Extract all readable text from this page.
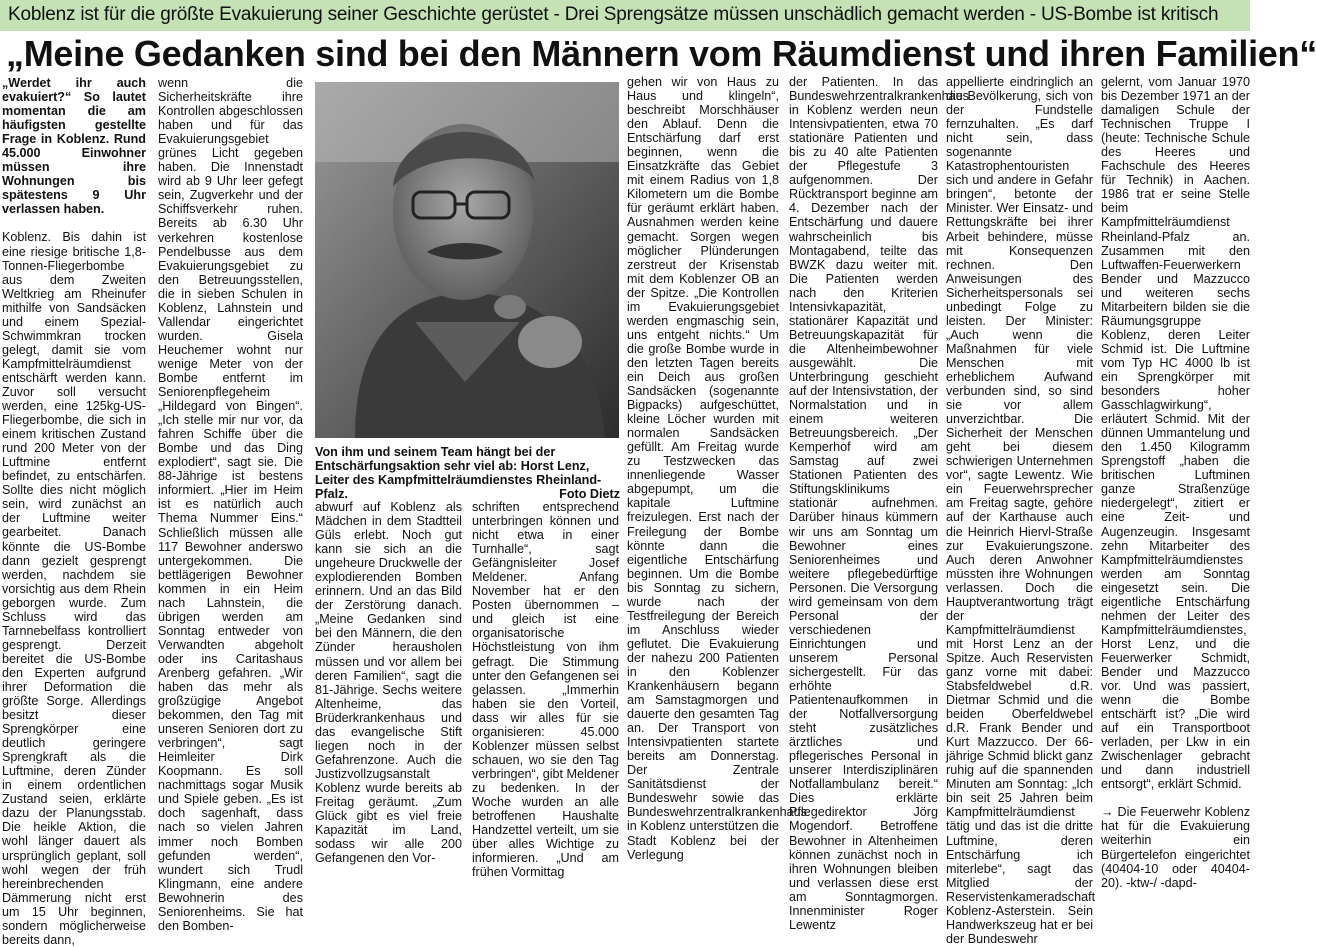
Koblenz ist für die größte Evakuierung seiner Geschichte gerüstet - Drei Sprengsätze müssen unschädlich gemacht werden - US-Bombe ist kritisch
„Meine Gedanken sind bei den Männern vom Räumdienst und ihren Familien“

„Werdet ihr auch evakuiert?“ So lautet momentan die am häufigsten gestellte Frage in Koblenz. Rund 45.000 Einwohner müssen ihre Wohnungen bis spätestens 9 Uhr verlassen haben.

Koblenz. Bis dahin ist eine riesige britische 1,8-Tonnen-Fliegerbombe aus dem Zweiten Weltkrieg am Rheinufer mithilfe von Sandsäcken und einem Spezial-Schwimmkran trocken gelegt, damit sie vom Kampfmittelräumdienst entschärft werden kann. Zuvor soll versucht werden, eine 125kg-US-Fliegerbombe, die sich in einem kritischen Zustand rund 200 Meter von der Luftmine entfernt befindet, zu entschärfen. Sollte dies nicht möglich sein, wird zunächst an der Luftmine weiter gearbeitet. Danach könnte die US-Bombe dann gezielt gesprengt werden, nachdem sie vorsichtig aus dem Rhein geborgen wurde. Zum Schluss wird das Tarnnebelfass kontrolliert gesprengt. Derzeit bereitet die US-Bombe den Experten aufgrund ihrer Deformation die größte Sorge. Allerdings besitzt dieser Sprengkörper eine deutlich geringere Sprengkraft als die Luftmine, deren Zünder in einem ordentlichen Zustand seien, erklärte dazu der Planungsstab. Die heikle Aktion, die wohl länger dauert als ursprünglich geplant, soll wohl wegen der früh hereinbrechenden Dämmerung nicht erst um 15 Uhr beginnen, sondern möglicherweise bereits dann,

wenn die Sicherheitskräfte ihre Kontrollen abgeschlossen haben und für das Evakuierungsgebiet grünes Licht gegeben haben. Die Innenstadt wird ab 9 Uhr leer gefegt sein, Zugverkehr und der Schiffsverkehr ruhen. Bereits ab 6.30 Uhr verkehren kostenlose Pendelbusse aus dem Evakuierungsgebiet zu den Betreuungsstellen, die in sieben Schulen in Koblenz, Lahnstein und Vallendar eingerichtet wurden. Gisela Heuchemer wohnt nur wenige Meter von der Bombe entfernt im Seniorenpflegeheim „Hildegard von Bingen“. „Ich stelle mir nur vor, da fahren Schiffe über die Bombe und das Ding explodiert“, sagt sie. Die 88-Jährige ist bestens informiert. „Hier im Heim ist es natürlich auch Thema Nummer Eins.“ Schließlich müssen alle 117 Bewohner anderswo untergekommen. Die bettlägerigen Bewohner kommen in ein Heim nach Lahnstein, die übrigen werden am Sonntag entweder von Verwandten abgeholt oder ins Caritashaus Arenberg gefahren. „Wir haben das mehr als großzügige Angebot bekommen, den Tag mit unseren Senioren dort zu verbringen“, sagt Heimleiter Dirk Koopmann. Es soll nachmittags sogar Musik und Spiele geben. „Es ist doch sagenhaft, dass nach so vielen Jahren immer noch Bomben gefunden werden“, wundert sich Trudl Klingmann, eine andere Bewohnerin des Seniorenheims. Sie hat den Bomben-

Von ihm und seinem Team hängt bei der Entschärfungsaktion sehr viel ab: Horst Lenz, Leiter des Kampfmittelräumdienstes Rheinland-Pfalz.	Foto Dietz

abwurf auf Koblenz als Mädchen in dem Stadtteil Güls erlebt. Noch gut kann sie sich an die ungeheure Druckwelle der explodierenden Bomben erinnern. Und an das Bild der Zerstörung danach. „Meine Gedanken sind bei den Männern, die den Zünder herausholen müssen und vor allem bei deren Familien“, sagt die 81-Jährige. Sechs weitere Altenheime, das Brüderkrankenhaus und das evangelische Stift liegen noch in der Gefahrenzone. Auch die Justizvollzugsanstalt Koblenz wurde bereits ab Freitag geräumt. „Zum Glück gibt es viel freie Kapazität im Land, sodass wir alle 200 Gefangenen den Vor-

schriften entsprechend unterbringen können und nicht etwa in einer Turnhalle“, sagt Gefängnisleiter Josef Meldener. Anfang November hat er den Posten übernommen – und gleich ist eine organisatorische Höchstleistung von ihm gefragt. Die Stimmung unter den Gefangenen sei gelassen. „Immerhin haben sie den Vorteil, dass wir alles für sie organisieren: 45.000 Koblenzer müssen selbst schauen, wo sie den Tag verbringen“, gibt Meldener zu bedenken. In der Woche wurden an alle betroffenen Haushalte Handzettel verteilt, um sie über alles Wichtige zu informieren. „Und am frühen Vormittag

gehen wir von Haus zu Haus und klingeln“, beschreibt Morschhäuser den Ablauf. Denn die Entschärfung darf erst beginnen, wenn die Einsatzkräfte das Gebiet mit einem Radius von 1,8 Kilometern um die Bombe für geräumt erklärt haben. Ausnahmen werden keine gemacht. Sorgen wegen möglicher Plünderungen zerstreut der Krisenstab mit dem Koblenzer OB an der Spitze. „Die Kontrollen im Evakuierungsgebiet werden engmaschig sein, uns entgeht nichts.“ Um die große Bombe wurde in den letzten Tagen bereits ein Deich aus großen Sandsäcken (sogenannte Bigpacks) aufgeschüttet, kleine Löcher wurden mit normalen Sandsäcken gefüllt. Am Freitag wurde zu Testzwecken das innenliegende Wasser abgepumpt, um die kapitale Luftmine freizulegen. Erst nach der Freilegung der Bombe könnte dann die eigentliche Entschärfung beginnen. Um die Bombe bis Sonntag zu sichern, wurde nach der Testfreilegung der Bereich im Anschluss wieder geflutet. Die Evakuierung der nahezu 200 Patienten in den Koblenzer Krankenhäusern begann am Samstagmorgen und dauerte den gesamten Tag an. Der Transport von Intensivpatienten startete bereits am Donnerstag. Der Zentrale Sanitätsdienst der Bundeswehr sowie das Bundeswehrzentralkrankenhaus in Koblenz unterstützen die Stadt Koblenz bei der Verlegung

der Patienten. In das Bundeswehrzentralkrankenhaus in Koblenz werden neun Intensivpatienten, etwa 70 stationäre Patienten und bis zu 40 alte Patienten der Pflegestufe 3 aufgenommen. Der Rücktransport beginne am 4. Dezember nach der Entschärfung und dauere wahrscheinlich bis Montagabend, teilte das BWZK dazu weiter mit. Die Patienten werden nach den Kriterien Intensivkapazität, stationärer Kapazität und Betreuungskapazität für die Altenheimbewohner ausgewählt. Die Unterbringung geschieht auf der Intensivstation, der Normalstation und in einem weiteren Betreuungsbereich. „Der Kemperhof wird am Samstag auf zwei Stationen Patienten des Stiftungsklinikums stationär aufnehmen. Darüber hinaus kümmern wir uns am Sonntag um Bewohner eines Seniorenheimes und weitere pflegebedürftige Personen. Die Versorgung wird gemeinsam von dem Personal der verschiedenen Einrichtungen und unserem Personal sichergestellt. Für das erhöhte Patientenaufkommen in der Notfallversorgung steht zusätzliches ärztliches und pflegerisches Personal in unserer Interdisziplinären Notfallambulanz bereit.“ Dies erklärte Pflegedirektor Jörg Mogendorf. Betroffene Bewohner in Altenheimen können zunächst noch in ihren Wohnungen bleiben und verlassen diese erst am Sonntagmorgen. Innenminister Roger Lewentz

appellierte eindringlich an die Bevölkerung, sich von der Fundstelle fernzuhalten. „Es darf nicht sein, dass sogenannte Katastrophentouristen sich und andere in Gefahr bringen“, betonte der Minister. Wer Einsatz- und Rettungskräfte bei ihrer Arbeit behindere, müsse mit Konsequenzen rechnen. Den Anweisungen des Sicherheitspersonals sei unbedingt Folge zu leisten. Der Minister: „Auch wenn die Maßnahmen für viele Menschen mit erheblichem Aufwand verbunden sind, so sind sie vor allem unverzichtbar. Die Sicherheit der Menschen geht bei diesem schwierigen Unternehmen vor“, sagte Lewentz. Wie ein Feuerwehrsprecher am Freitag sagte, gehöre auf der Karthause auch die Heinrich Hiervl-Straße zur Evakuierungszone. Auch deren Anwohner müssten ihre Wohnungen verlassen. Doch die Hauptverantwortung trägt der Kampfmittelräumdienst mit Horst Lenz an der Spitze. Auch Reservisten ganz vorne mit dabei: Stabsfeldwebel d.R. Dietmar Schmid und die beiden Oberfeldwebel d.R. Frank Bender und Kurt Mazzucco. Der 66-jährige Schmid blickt ganz ruhig auf die spannenden Minuten am Sonntag: „Ich bin seit 25 Jahren beim Kampfmittelräumdienst tätig und das ist die dritte Luftmine, deren Entschärfung ich miterlebe“, sagt das Mitglied der Reservistenkameradschaft Koblenz-Asterstein. Sein Handwerkszeug hat er bei der Bundeswehr

gelernt, vom Januar 1970 bis Dezember 1971 an der damaligen Schule der Technischen Truppe I (heute: Technische Schule des Heeres und Fachschule des Heeres für Technik) in Aachen. 1986 trat er seine Stelle beim Kampfmittelräumdienst Rheinland-Pfalz an. Zusammen mit den Luftwaffen-Feuerwerkern Bender und Mazzucco und weiteren sechs Mitarbeitern bilden sie die Räumungsgruppe Koblenz, deren Leiter Schmid ist. Die Luftmine vom Typ HC 4000 lb ist ein Sprengkörper mit besonders hoher Gasschlagwirkung“, erläutert Schmid. Mit der dünnen Ummantelung und den 1.450 Kilogramm Sprengstoff „haben die britischen Luftminen ganze Straßenzüge niedergelegt“, zitiert er eine Zeit- und Augenzeugin. Insgesamt zehn Mitarbeiter des Kampfmittelräumdienstes werden am Sonntag eingesetzt sein. Die eigentliche Entschärfung nehmen der Leiter des Kampfmittelräumdienstes, Horst Lenz, und die Feuerwerker Schmidt, Bender und Mazzucco vor. Und was passiert, wenn die Bombe entschärft ist? „Die wird auf ein Transportboot verladen, per Lkw in ein Zwischenlager gebracht und dann industriell entsorgt“, erklärt Schmid.

→ Die Feuerwehr Koblenz hat für die Evakuierung weiterhin ein Bürgertelefon eingerichtet (40404-10 oder 40404-20). -ktw-/ -dapd-
